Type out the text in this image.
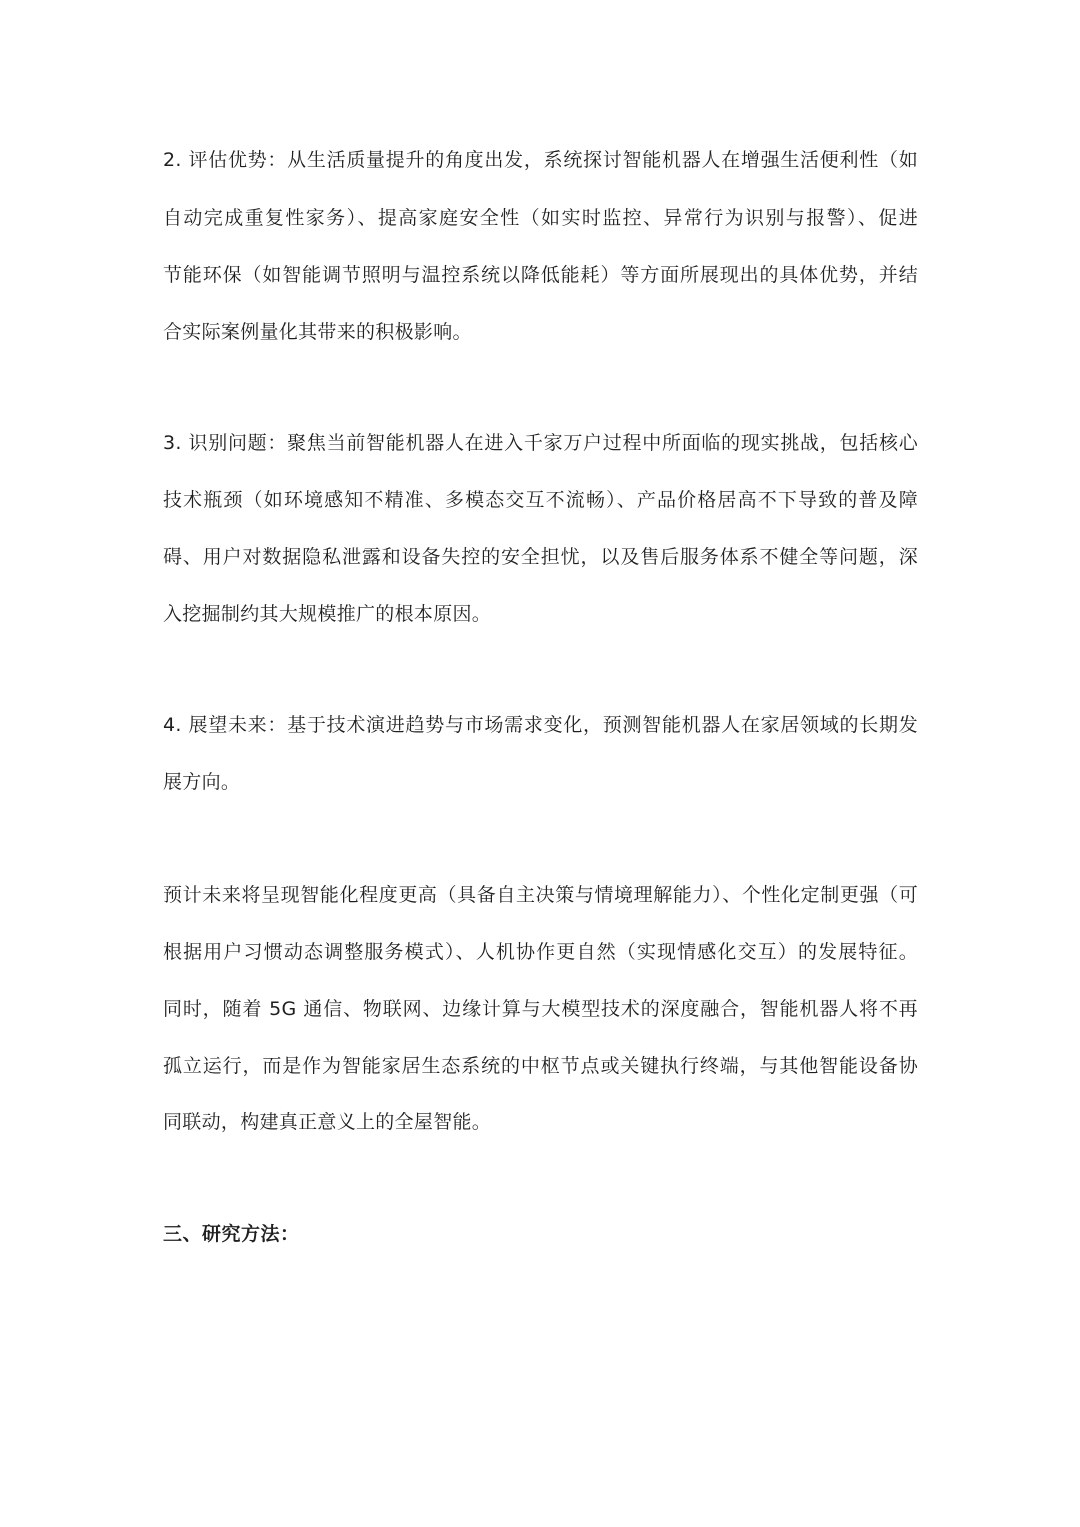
2. 评估优势：从生活质量提升的角度出发，系统探讨智能机器人在增强生活便利性（如
自动完成重复性家务）、提高家庭安全性（如实时监控、异常行为识别与报警）、促进
节能环保（如智能调节照明与温控系统以降低能耗）等方面所展现出的具体优势，并结
合实际案例量化其带来的积极影响。
3. 识别问题：聚焦当前智能机器人在进入千家万户过程中所面临的现实挑战，包括核心
技术瓶颈（如环境感知不精准、多模态交互不流畅）、产品价格居高不下导致的普及障
碍、用户对数据隐私泄露和设备失控的安全担忧，以及售后服务体系不健全等问题，深
入挖掘制约其大规模推广的根本原因。
4. 展望未来：基于技术演进趋势与市场需求变化，预测智能机器人在家居领域的长期发
展方向。
预计未来将呈现智能化程度更高（具备自主决策与情境理解能力）、个性化定制更强（可
根据用户习惯动态调整服务模式）、人机协作更自然（实现情感化交互）的发展特征。
同时，随着 5G 通信、物联网、边缘计算与大模型技术的深度融合，智能机器人将不再
孤立运行，而是作为智能家居生态系统的中枢节点或关键执行终端，与其他智能设备协
同联动，构建真正意义上的全屋智能。
三、研究方法：
